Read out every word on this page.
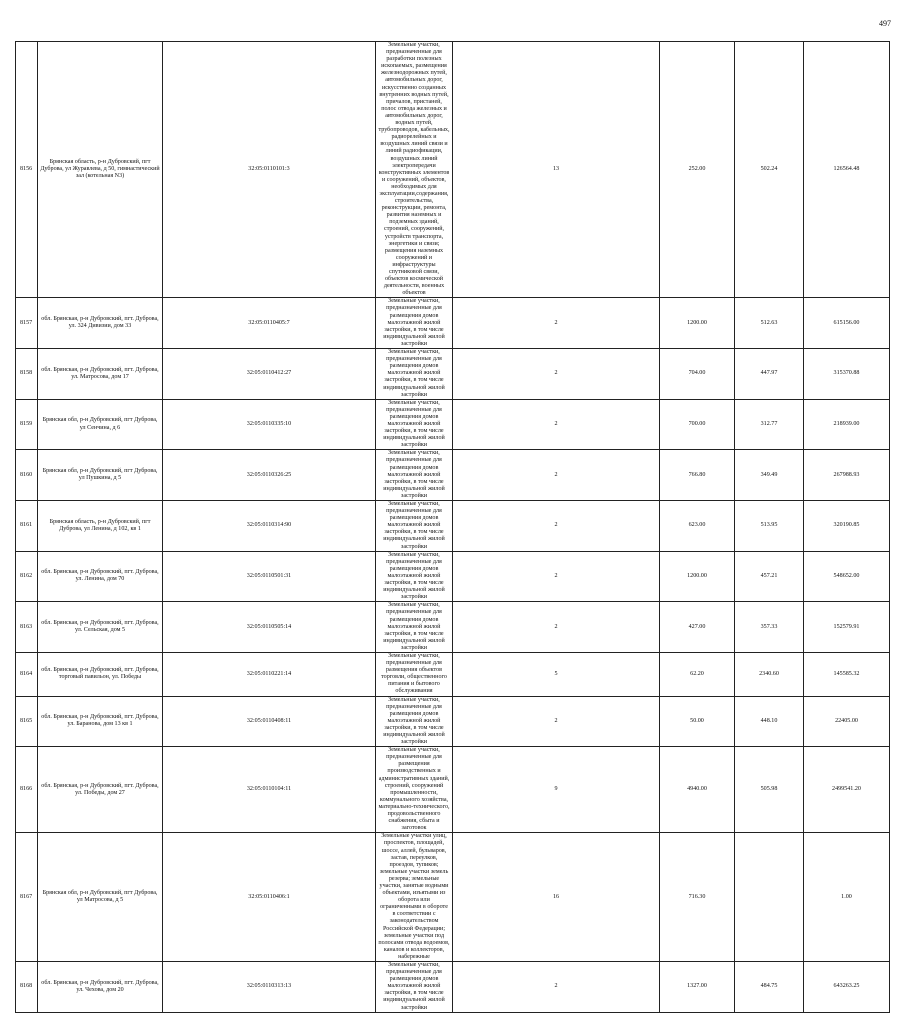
497
8156	Брянская область, р-н Дубровский, пгт Дуброва, ул Журавлева, д 50, гимнастический зал (котельная N3)	32:05:0110101:3	Земельные участки, предназначенные для разработки полезных ископаемых, размещения железнодорожных путей, автомобильных дорог, искусственно созданных внутренних водных путей, причалов, пристаней, полос отвода железных и автомобильных дорог, водных путей, трубопроводов, кабельных, радиорелейных и воздушных линий связи и линий радиофикации, воздушных линий электропередачи конструктивных элементов и сооружений, объектов, необходимых для эксплуатации,содержания, строительства, реконструкции, ремонта, развития наземных и подземных зданий, строений, сооружений, устройств транспорта, энергетики и связи; размещения наземных сооружений и инфраструктуры спутниковой связи, объектов космической деятельности, военных объектов	13	252.00	502.24	126564.48
8157	обл. Брянская, р-н Дубровский, пгт. Дуброва, ул. 324 Дивизии, дом 33	32:05:0110405:7	Земельные участки, предназначенные для размещения домов малоэтажной жилой застройки, в том числе индивидуальной жилой застройки	2	1200.00	512.63	615156.00
8158	обл. Брянская, р-н Дубровский, пгт. Дуброва, ул. Матросова, дом 17	32:05:0110412:27	Земельные участки, предназначенные для размещения домов малоэтажной жилой застройки, в том числе индивидуальной жилой застройки	2	704.00	447.97	315370.88
8159	Брянская обл, р-н Дубровский, пгт Дуброва, ул Сенчина, д 6	32:05:0110335:10	Земельные участки, предназначенные для размещения домов малоэтажной жилой застройки, в том числе индивидуальной жилой застройки	2	700.00	312.77	218939.00
8160	Брянская обл, р-н Дубровский, пгт Дуброва, ул Пушкина, д 5	32:05:0110326:25	Земельные участки, предназначенные для размещения домов малоэтажной жилой застройки, в том числе индивидуальной жилой застройки	2	766.80	349.49	267988.93
8161	Брянская область, р-н Дубровский, пгт Дуброва, ул Ленина, д 102, кв 1	32:05:0110314:90	Земельные участки, предназначенные для размещения домов малоэтажной жилой застройки, в том числе индивидуальной жилой застройки	2	623.00	513.95	320190.85
8162	обл. Брянская, р-н Дубровский, пгт. Дуброва, ул. Ленина, дом 70	32:05:0110501:31	Земельные участки, предназначенные для размещения домов малоэтажной жилой застройки, в том числе индивидуальной жилой застройки	2	1200.00	457.21	548652.00
8163	обл. Брянская, р-н Дубровский, пгт. Дуброва, ул. Сельская, дом 5	32:05:0110505:14	Земельные участки, предназначенные для размещения домов малоэтажной жилой застройки, в том числе индивидуальной жилой застройки	2	427.00	357.33	152579.91
8164	обл. Брянская, р-н Дубровский, пгт. Дуброва, торговый павильон, ул. Победы	32:05:0110221:14	Земельные участки, предназначенные для размещения объектов торговли, общественного питания и бытового обслуживания	5	62.20	2340.60	145585.32
8165	обл. Брянская, р-н Дубровский, пгт. Дуброва, ул. Баранова, дом 13 кв 1	32:05:0110408:11	Земельные участки, предназначенные для размещения домов малоэтажной жилой застройки, в том числе индивидуальной жилой застройки	2	50.00	448.10	22405.00
8166	обл. Брянская, р-н Дубровский, пгт. Дуброва, ул. Победы, дом 27	32:05:0110104:11	Земельные участки, предназначенные для размещения производственных и административных зданий, строений, сооружений промышленности, коммунального хозяйства, материально-технического, продовольственного снабжения, сбыта и заготовок	9	4940.00	505.98	2499541.20
8167	Брянская обл, р-н Дубровский, пгт Дуброва, ул Матросова, д 5	32:05:0110406:1	Земельные участки улиц, проспектов, площадей, шоссе, аллей, бульваров, застав, переулков, проездов, тупиков; земельные участки земель резерва; земельные участки, занятые водными объектами, изъятыми из оборота или ограниченными в обороте в соответствии с законодательством Российской Федерации; земельные участки под полосами отвода водоемов, каналов и коллекторов, набережные	16	716.30		1.00
8168	обл. Брянская, р-н Дубровский, пгт. Дуброва, ул. Чехова, дом 20	32:05:0110313:13	Земельные участки, предназначенные для размещения домов малоэтажной жилой застройки, в том числе индивидуальной жилой застройки	2	1327.00	484.75	643263.25
